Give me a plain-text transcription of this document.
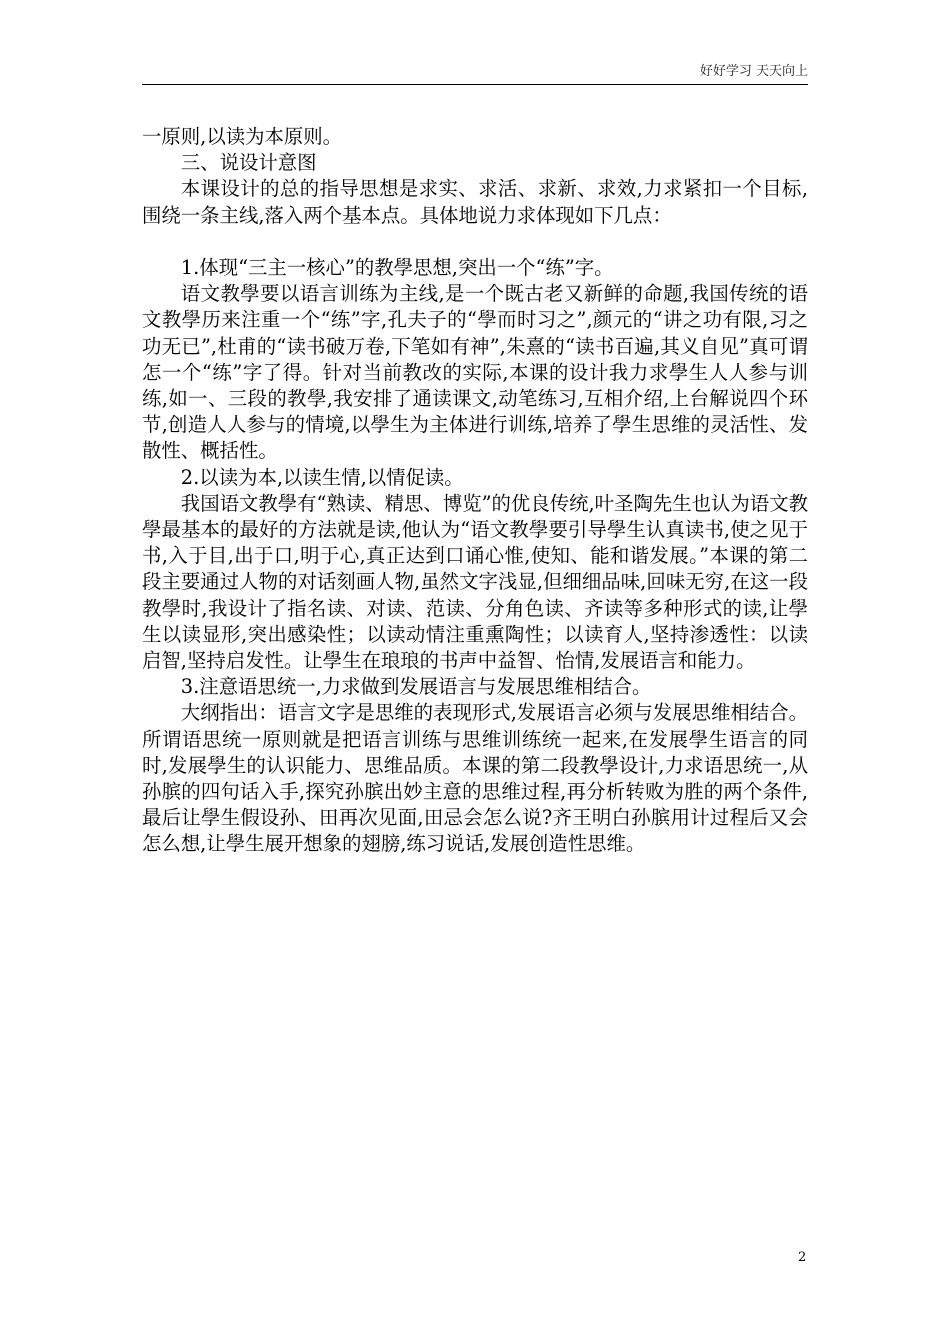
好好学习 天天向上

一原则,以读为本原则。

三、说设计意图

本课设计的总的指导思想是求实、求活、求新、求效,力求紧扣一个目标,围绕一条主线,落入两个基本点。具体地说力求体现如下几点：

1.体现“三主一核心”的教學思想,突出一个“练”字。

语文教學要以语言训练为主线,是一个既古老又新鲜的命题,我国传统的语文教學历来注重一个“练”字,孔夫子的“學而时习之”,颜元的“讲之功有限,习之功无已”,杜甫的“读书破万卷,下笔如有神”,朱熹的“读书百遍,其义自见”真可谓怎一个“练”字了得。针对当前教改的实际,本课的设计我力求學生人人参与训练,如一、三段的教學,我安排了通读课文,动笔练习,互相介绍,上台解说四个环节,创造人人参与的情境,以學生为主体进行训练,培养了學生思维的灵活性、发散性、概括性。

2.以读为本,以读生情,以情促读。

我国语文教學有“熟读、精思、博览”的优良传统,叶圣陶先生也认为语文教學最基本的最好的方法就是读,他认为“语文教學要引导學生认真读书,使之见于书,入于目,出于口,明于心,真正达到口诵心惟,使知、能和谐发展。”本课的第二段主要通过人物的对话刻画人物,虽然文字浅显,但细细品味,回味无穷,在这一段教學时,我设计了指名读、对读、范读、分角色读、齐读等多种形式的读,让學生以读显形,突出感染性；以读动情注重熏陶性；以读育人,坚持渗透性：以读启智,坚持启发性。让學生在琅琅的书声中益智、怡情,发展语言和能力。

3.注意语思统一,力求做到发展语言与发展思维相结合。

大纲指出：语言文字是思维的表现形式,发展语言必须与发展思维相结合。所谓语思统一原则就是把语言训练与思维训练统一起来,在发展學生语言的同时,发展學生的认识能力、思维品质。本课的第二段教學设计,力求语思统一,从孙膑的四句话入手,探究孙膑出妙主意的思维过程,再分析转败为胜的两个条件,最后让學生假设孙、田再次见面,田忌会怎么说?齐王明白孙膑用计过程后又会怎么想,让學生展开想象的翅膀,练习说话,发展创造性思维。

2
